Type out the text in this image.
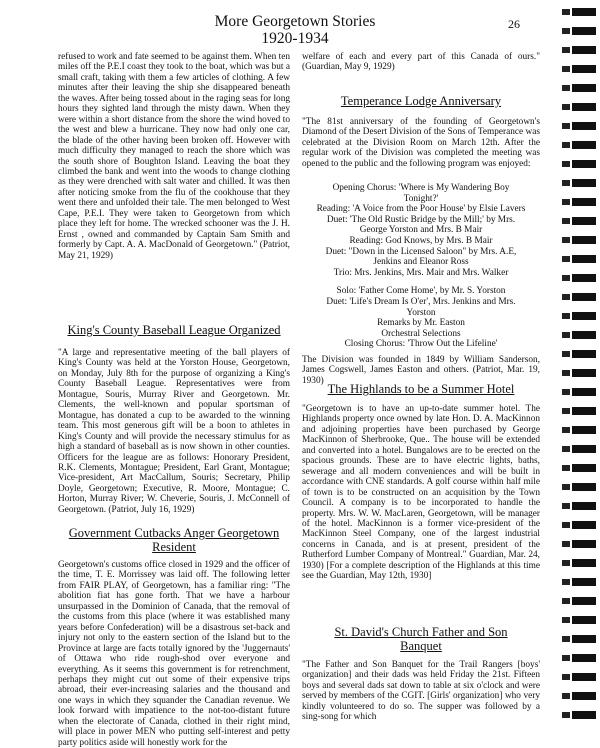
More Georgetown Stories
1920-1934
26

refused to work and fate seemed to be against them. When ten miles off the P.E.I coast they took to the boat, which was but a small craft, taking with them a few articles of clothing. A few minutes after their leaving the ship she disappeared beneath the waves. After being tossed about in the raging seas for long hours they sighted land through the misty dawn. When they were within a short distance from the shore the wind hoved to the west and blew a hurricane. They now had only one car, the blade of the other having been broken off. However with much difficulty they managed to reach the shore which was the south shore of Boughton Island. Leaving the boat they climbed the bank and went into the woods to change clothing as they were drenched with salt water and chilled. It was then after noticing smoke from the flu of the cookhouse that they went there and unfolded their tale. The men belonged to West Cape, P.E.I. They were taken to Georgetown from which place they left for home. The wrecked schooner was the J. H. Ernst , owned and commanded by Captain Sam Smith and formerly by Capt. A. A. MacDonald of Georgetown." (Patriot, May 21, 1929)

King's County Baseball League Organized

"A large and representative meeting of the ball players of King's County was held at the Yorston House, Georgetown, on Monday, July 8th for the purpose of organizing a King's County Baseball League. Representatives were from Montague, Souris, Murray River and Georgetown. Mr. Clements, the well-known and popular sportsman of Montague, has donated a cup to be awarded to the winning team. This most generous gift will be a boon to athletes in King's County and will provide the necessary stimulus for as high a standard of baseball as is now shown in other counties. Officers for the league are as follows: Honorary President, R.K. Clements, Montague; President, Earl Grant, Montague; Vice-president, Art MacCallum, Souris; Secretary, Philip Doyle, Georgetown; Executive, R. Moore, Montague; C. Horton, Murray River; W. Cheverie, Souris, J. McConnell of Georgetown. (Patriot, July 16, 1929)

Government Cutbacks Anger Georgetown
Resident

Georgetown's customs office closed in 1929 and the officer of the time, T. E. Morrissey was laid off. The following letter from FAIR PLAY, of Georgetown, has a familiar ring: "The abolition fiat has gone forth. That we have a harbour unsurpassed in the Dominion of Canada, that the removal of the customs from this place (where it was established many years before Confederation) will be a disastrous set-back and injury not only to the eastern section of the Island but to the Province at large are facts totally ignored by the 'Juggernauts' of Ottawa who ride rough-shod over everyone and everything. As it seems this government is for retrenchment, perhaps they might cut out some of their expensive trips abroad, their ever-increasing salaries and the thousand and one ways in which they squander the Canadian revenue. We look forward with impatience to the not-too-distant future when the electorate of Canada, clothed in their right mind, will place in power MEN who putting self-interest and petty party politics aside will honestly work for the

welfare of each and every part of this Canada of ours." (Guardian, May 9, 1929)

Temperance Lodge Anniversary

"The 81st anniversary of the founding of Georgetown's Diamond of the Desert Division of the Sons of Temperance was celebrated at the Division Room on March 12th. After the regular work of the Division was completed the meeting was opened to the public and the following program was enjoyed:

Opening Chorus: 'Where is My Wandering Boy
Tonight?'
Reading: 'A Voice from the Poor House' by Elsie Lavers
Duet: 'The Old Rustic Bridge by the Mill;' by Mrs.
George Yorston and Mrs. B Mair
Reading: God Knows, by Mrs. B Mair
Duet: "Down in the Licensed Saloon" by Mrs. A.E,
Jenkins and Eleanor Ross
Trio: Mrs. Jenkins, Mrs. Mair and Mrs. Walker
Solo: 'Father Come Home', by Mr. S. Yorston
Duet: 'Life's Dream Is O'er', Mrs. Jenkins and Mrs.
Yorston
Remarks by Mr. Easton
Orchestral Selections
Closing Chorus: 'Throw Out the Lifeline'

The Division was founded in 1849 by William Sanderson, James Cogswell, James Easton and others. (Patriot, Mar. 19, 1930)

The Highlands to be a Summer Hotel

"Georgetown is to have an up-to-date summer hotel. The Highlands property once owned by late Hon. D. A. MacKinnon and adjoining properties have been purchased by George MacKinnon of Sherbrooke, Que.. The house will be extended and converted into a hotel. Bungalows are to be erected on the spacious grounds. These are to have electric lights, baths, sewerage and all modern conveniences and will be built in accordance with CNE standards. A golf course within half mile of town is to be constructed on an acquisition by the Town Council. A company is to be incorporated to handle the property. Mrs. W. W. MacLaren, Georgetown, will be manager of the hotel. MacKinnon is a former vice-president of the MacKinnon Steel Company, one of the largest industrial concerns in Canada, and is at present, president of the Rutherford Lumber Company of Montreal." Guardian, Mar. 24, 1930) [For a complete description of the Highlands at this time see the Guardian, May 12th, 1930]

St. David's Church Father and Son
Banquet

"The Father and Son Banquet for the Trail Rangers [boys' organization] and their dads was held Friday the 21st. Fifteen boys and several dads sat down to table at six o'clock and were served by members of the CGIT. [Girls' organization] who very kindly volunteered to do so. The supper was followed by a sing-song for which
